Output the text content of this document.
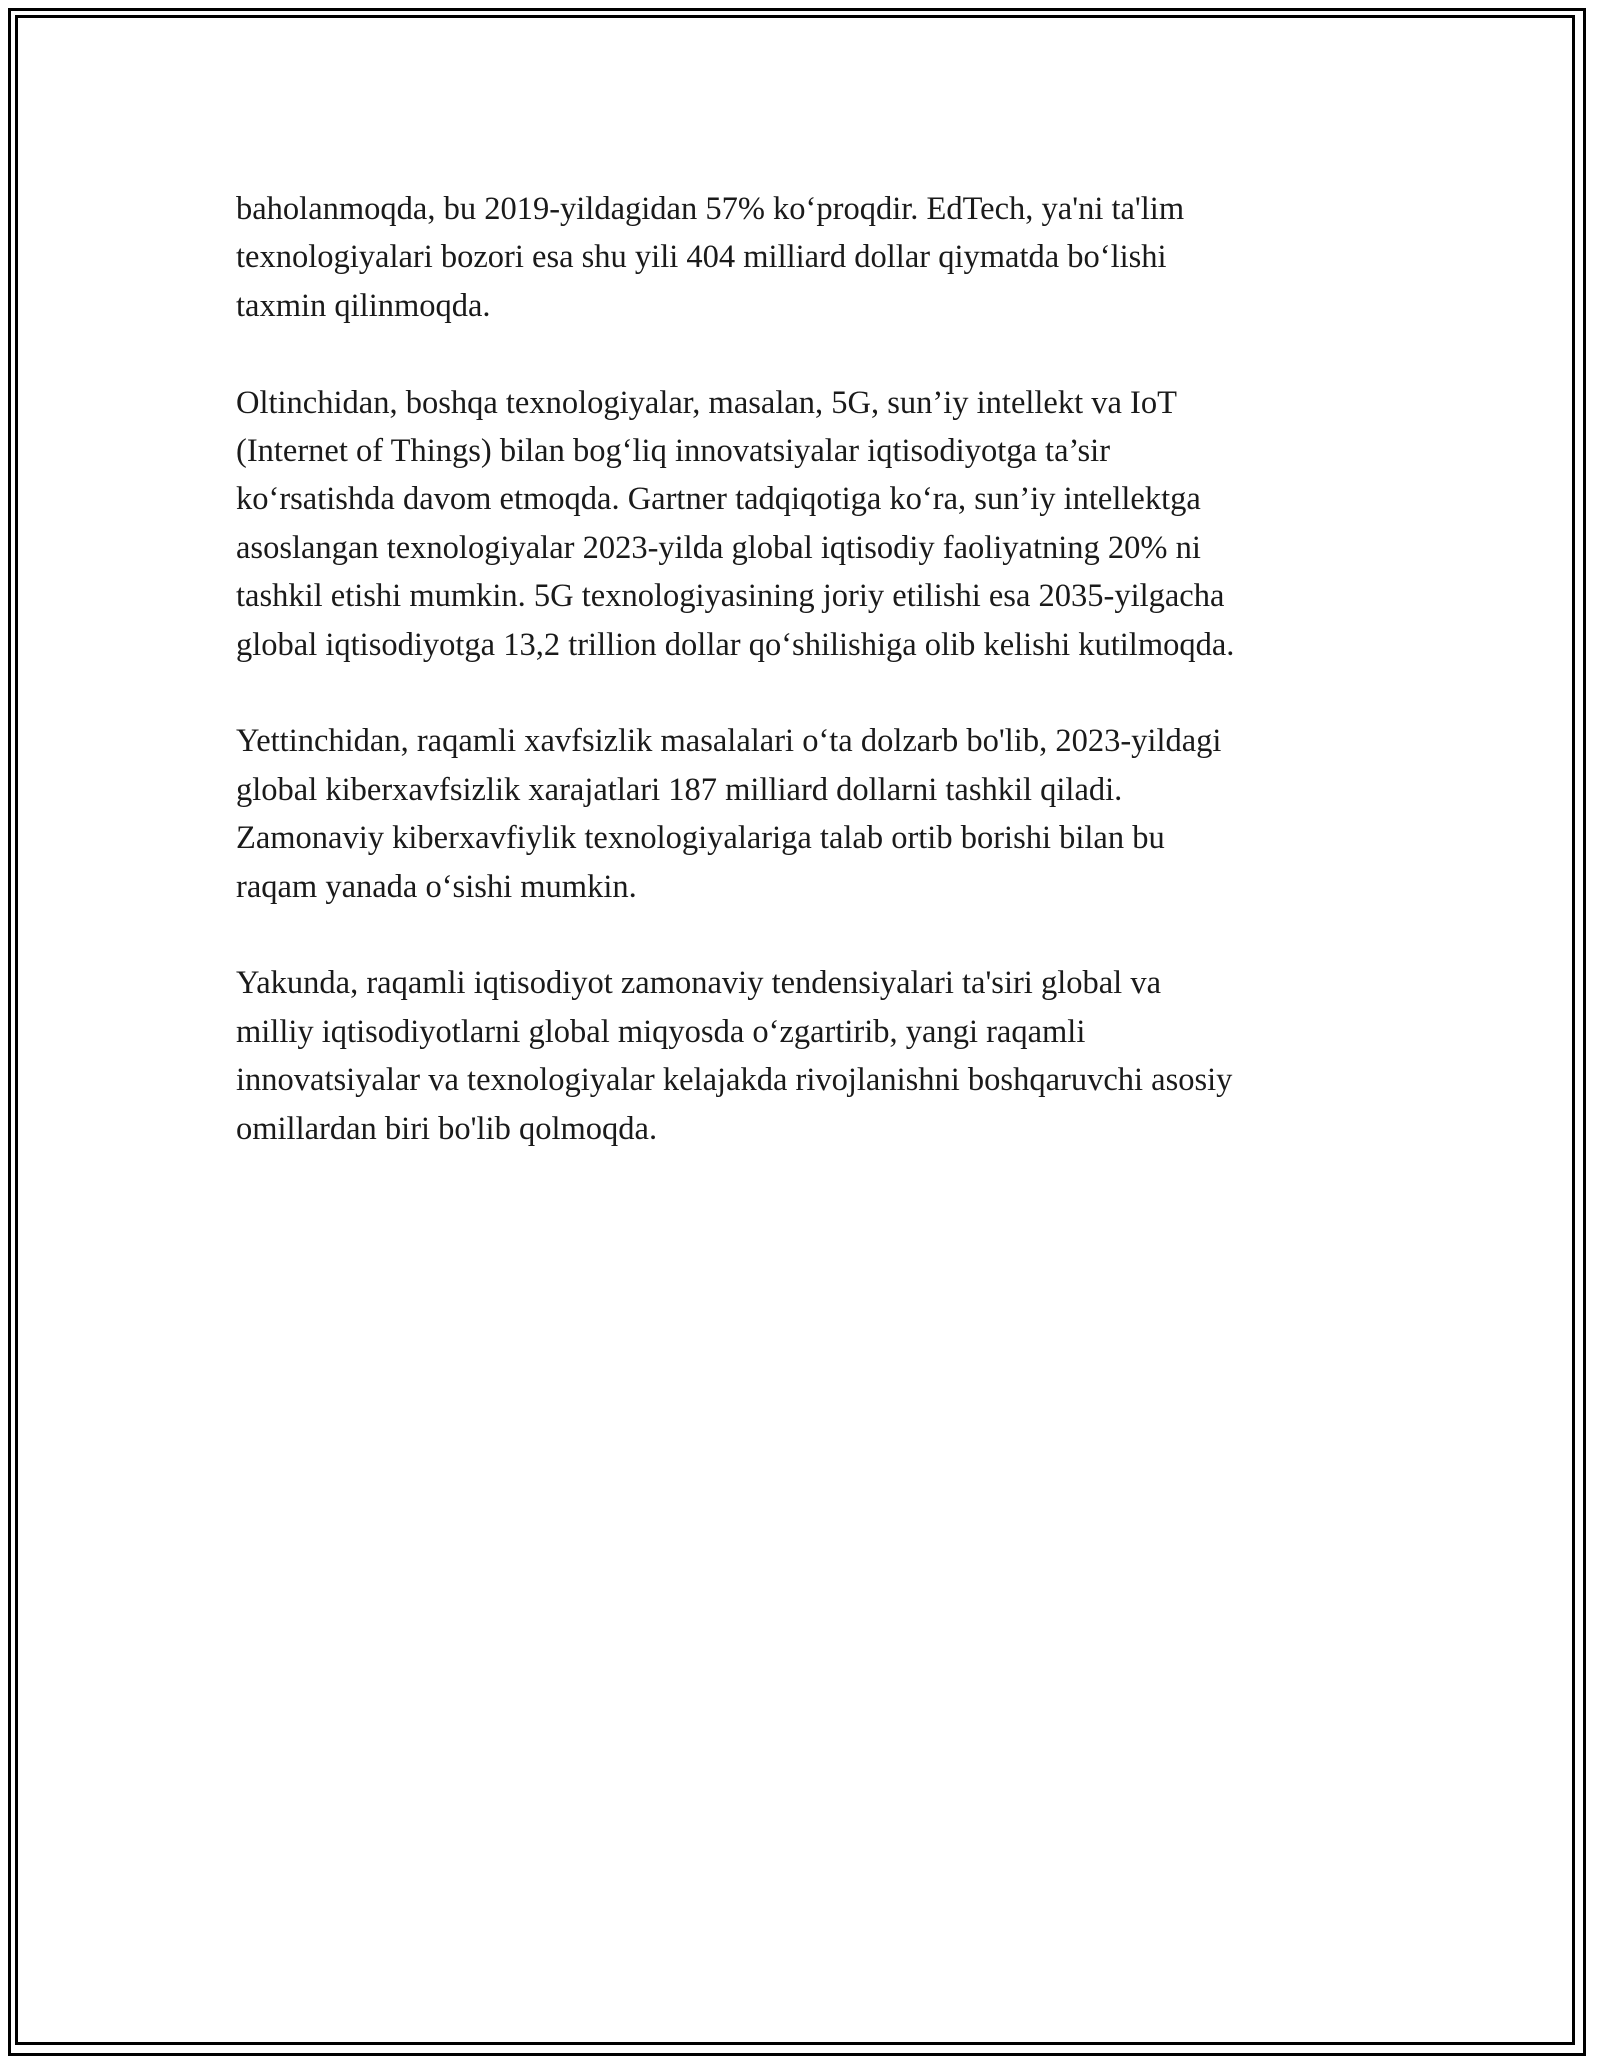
baholanmoqda, bu 2019-yildagidan 57% koʻproqdir. EdTech, ya'ni ta'lim
texnologiyalari bozori esa shu yili 404 milliard dollar qiymatda boʻlishi
taxmin qilinmoqda.

Oltinchidan, boshqa texnologiyalar, masalan, 5G, sun’iy intellekt va IoT
(Internet of Things) bilan bogʻliq innovatsiyalar iqtisodiyotga ta’sir
koʻrsatishda davom etmoqda. Gartner tadqiqotiga koʻra, sun’iy intellektga
asoslangan texnologiyalar 2023-yilda global iqtisodiy faoliyatning 20% ni
tashkil etishi mumkin. 5G texnologiyasining joriy etilishi esa 2035-yilgacha
global iqtisodiyotga 13,2 trillion dollar qoʻshilishiga olib kelishi kutilmoqda.

Yettinchidan, raqamli xavfsizlik masalalari oʻta dolzarb bo'lib, 2023-yildagi
global kiberxavfsizlik xarajatlari 187 milliard dollarni tashkil qiladi.
Zamonaviy kiberxavfiylik texnologiyalariga talab ortib borishi bilan bu
raqam yanada oʻsishi mumkin.

Yakunda, raqamli iqtisodiyot zamonaviy tendensiyalari ta'siri global va
milliy iqtisodiyotlarni global miqyosda oʻzgartirib, yangi raqamli
innovatsiyalar va texnologiyalar kelajakda rivojlanishni boshqaruvchi asosiy
omillardan biri bo'lib qolmoqda.
